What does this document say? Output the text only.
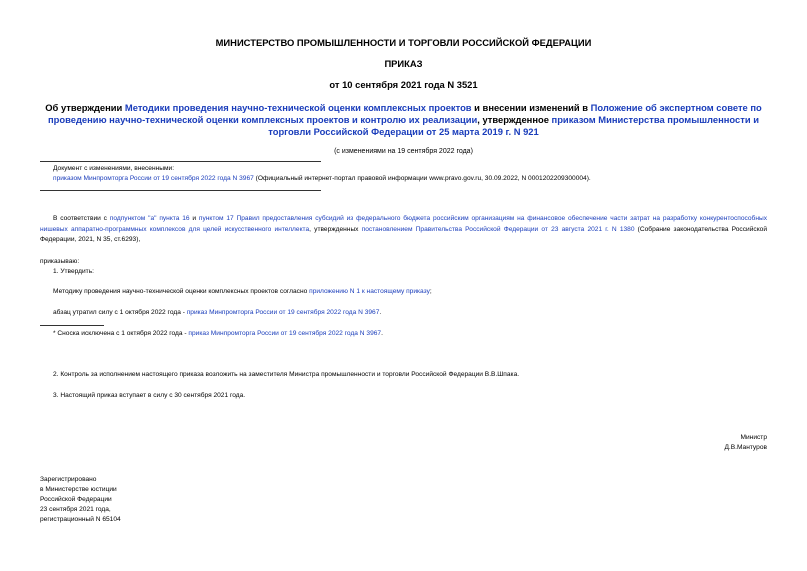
МИНИСТЕРСТВО ПРОМЫШЛЕННОСТИ И ТОРГОВЛИ РОССИЙСКОЙ ФЕДЕРАЦИИ
ПРИКАЗ
от 10 сентября 2021 года N 3521
Об утверждении Методики проведения научно-технической оценки комплексных проектов и внесении изменений в Положение об экспертном совете по проведению научно-технической оценки комплексных проектов и контролю их реализации, утвержденное приказом Министерства промышленности и торговли Российской Федерации от 25 марта 2019 г. N 921
(с изменениями на 19 сентября 2022 года)
Документ с изменениями, внесенными:
приказом Минпромторга России от 19 сентября 2022 года N 3967 (Официальный интернет-портал правовой информации www.pravo.gov.ru, 30.09.2022, N 0001202209300004).
В соответствии с подпунктом "а" пункта 16 и пунктом 17 Правил предоставления субсидий из федерального бюджета российским организациям на финансовое обеспечение части затрат на разработку конкурентоспособных нишевых аппаратно-программных комплексов для целей искусственного интеллекта, утвержденных постановлением Правительства Российской Федерации от 23 августа 2021 г. N 1380 (Собрание законодательства Российской Федерации, 2021, N 35, ст.6293),
приказываю:
1. Утвердить:
Методику проведения научно-технической оценки комплексных проектов согласно приложению N 1 к настоящему приказу;
абзац утратил силу с 1 октября 2022 года - приказ Минпромторга России от 19 сентября 2022 года N 3967.
* Сноска исключена с 1 октября 2022 года - приказ Минпромторга России от 19 сентября 2022 года N 3967.
2. Контроль за исполнением настоящего приказа возложить на заместителя Министра промышленности и торговли Российской Федерации В.В.Шпака.
3. Настоящий приказ вступает в силу с 30 сентября 2021 года.
Министр
Д.В.Мантуров
Зарегистрировано
в Министерстве юстиции
Российской Федерации
23 сентября 2021 года,
регистрационный N 65104
